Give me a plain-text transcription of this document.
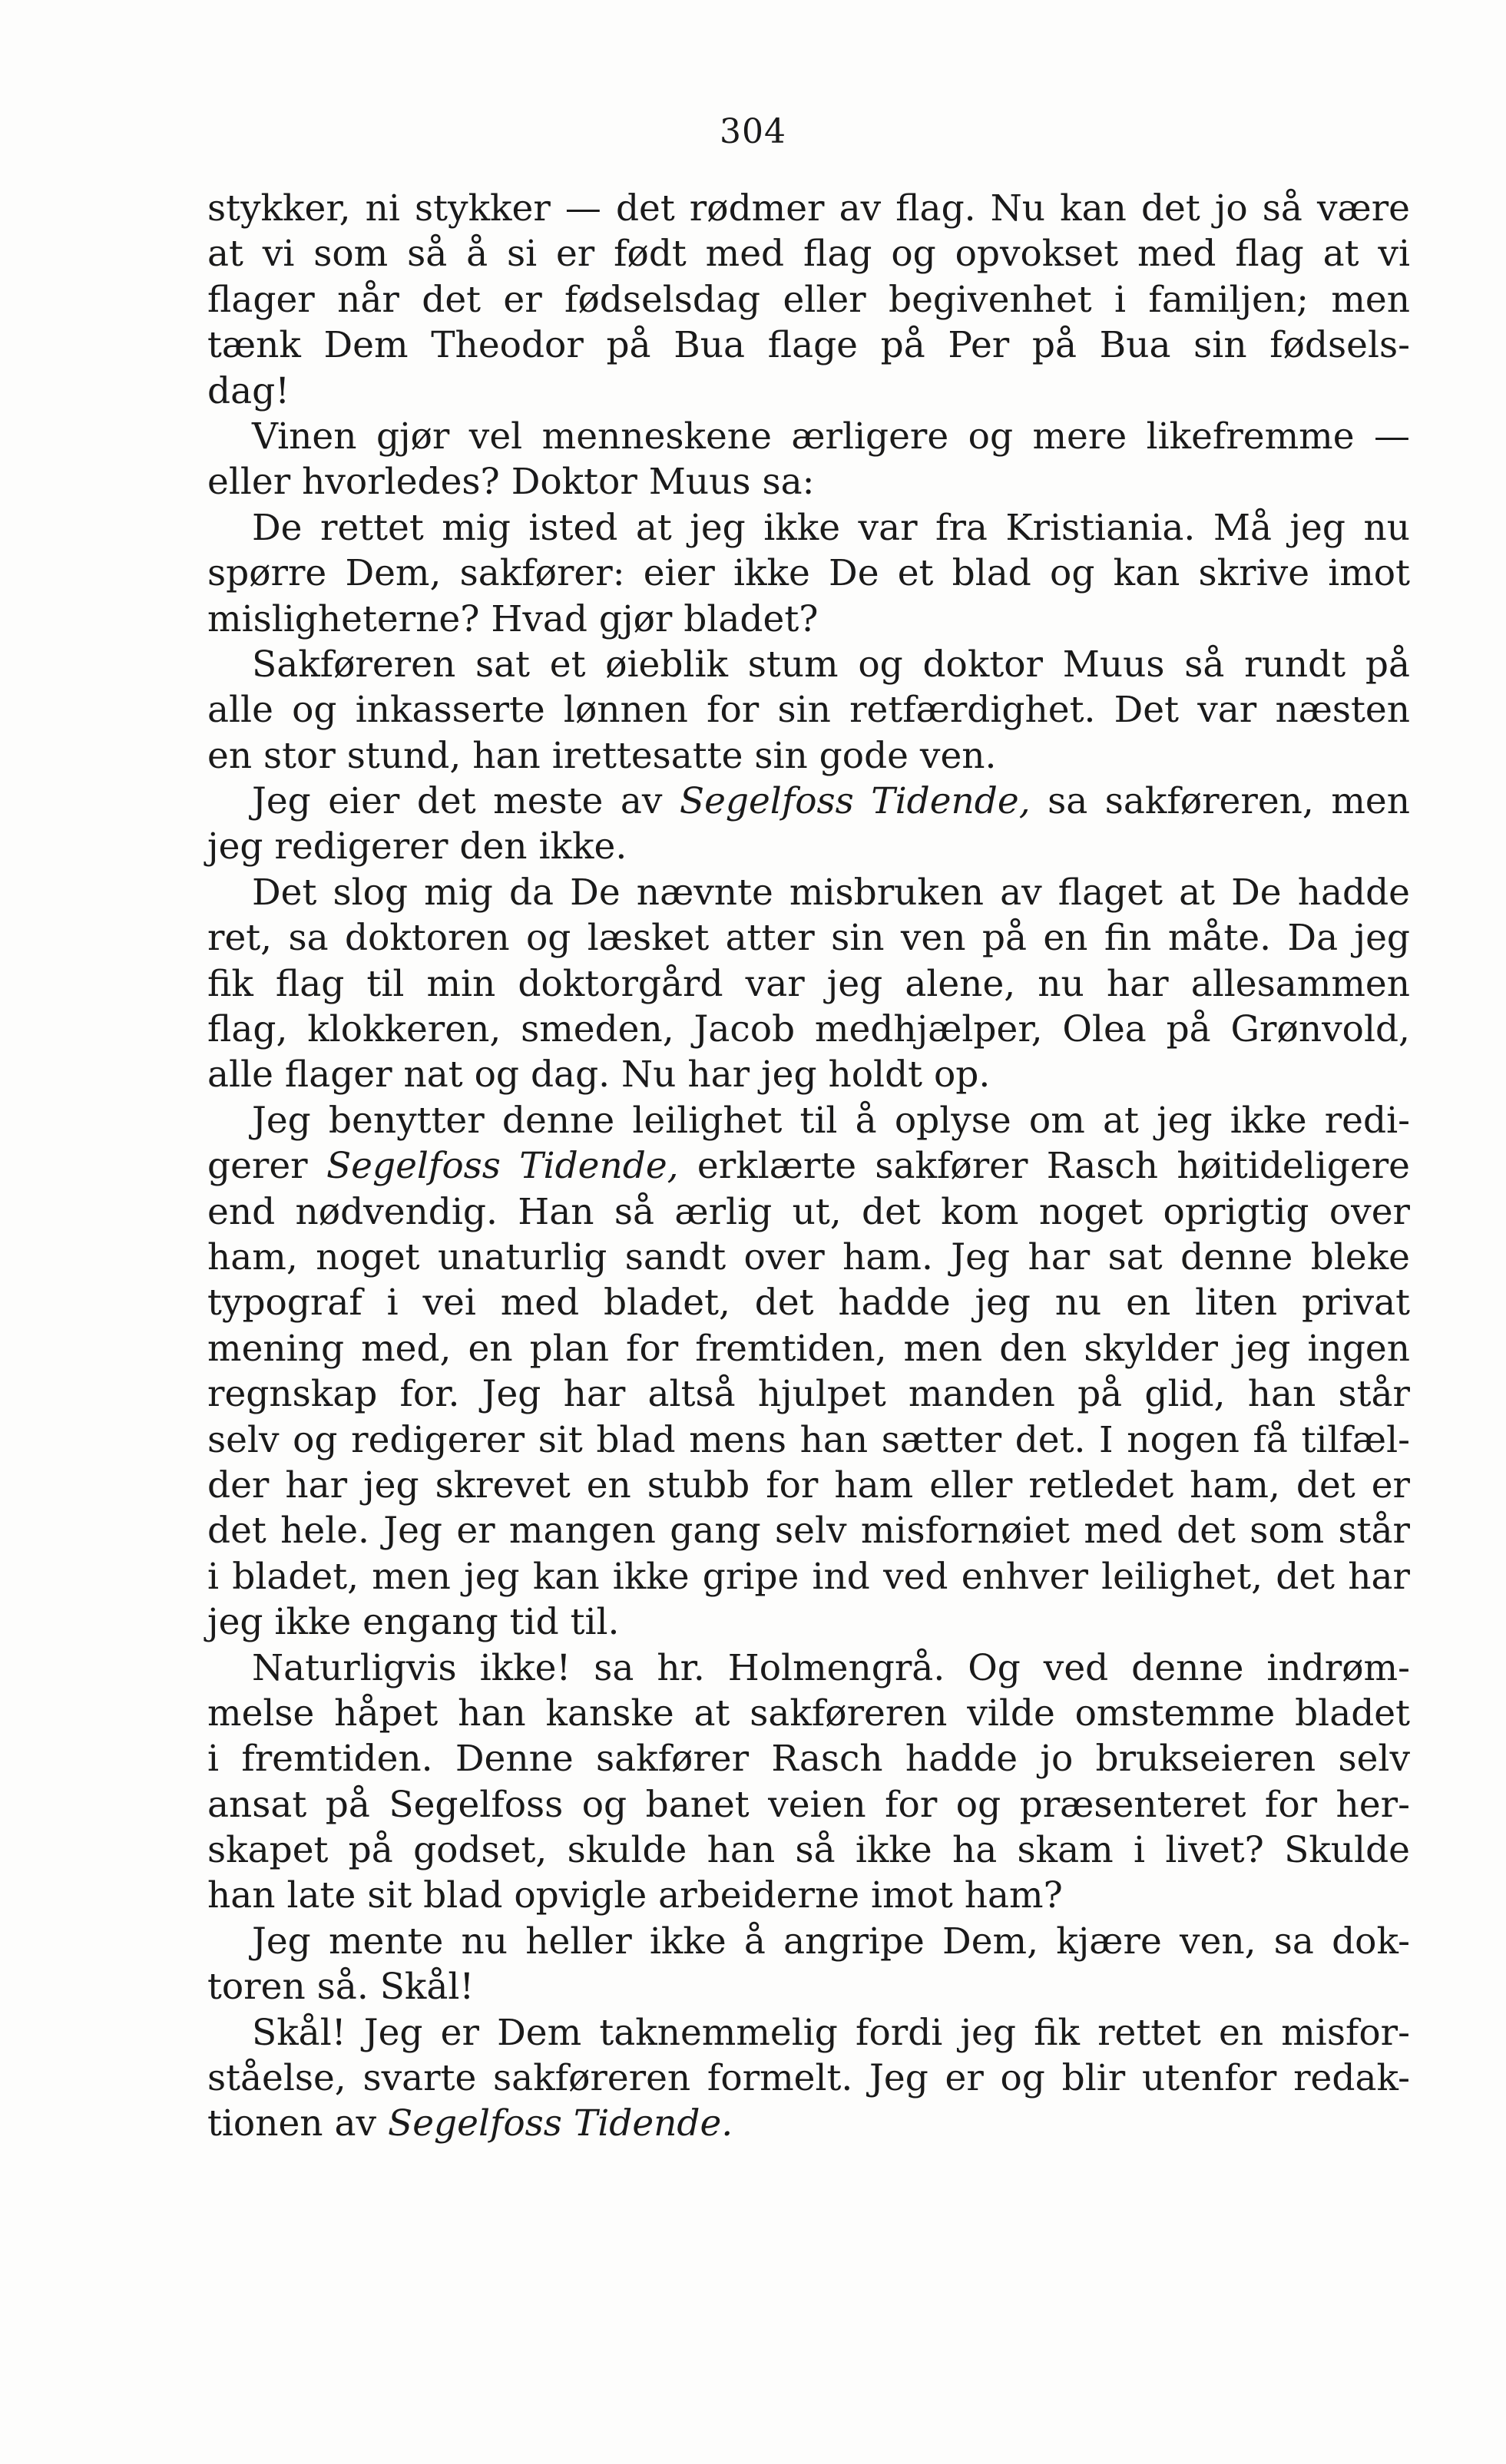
304
stykker, ni stykker — det rødmer av flag. Nu kan det jo så være
at vi som så å si er født med flag og opvokset med flag at vi
flager når det er fødselsdag eller begivenhet i familjen; men
tænk Dem Theodor på Bua flage på Per på Bua sin fødsels-
dag!
Vinen gjør vel menneskene ærligere og mere likefremme —
eller hvorledes? Doktor Muus sa:
De rettet mig isted at jeg ikke var fra Kristiania. Må jeg nu
spørre Dem, sakfører: eier ikke De et blad og kan skrive imot
misligheterne? Hvad gjør bladet?
Sakføreren sat et øieblik stum og doktor Muus så rundt på
alle og inkasserte lønnen for sin retfærdighet. Det var næsten
en stor stund, han irettesatte sin gode ven.
Jeg eier det meste av Segelfoss Tidende, sa sakføreren, men
jeg redigerer den ikke.
Det slog mig da De nævnte misbruken av flaget at De hadde
ret, sa doktoren og læsket atter sin ven på en fin måte. Da jeg
fik flag til min doktorgård var jeg alene, nu har allesammen
flag, klokkeren, smeden, Jacob medhjælper, Olea på Grønvold,
alle flager nat og dag. Nu har jeg holdt op.
Jeg benytter denne leilighet til å oplyse om at jeg ikke redi-
gerer Segelfoss Tidende, erklærte sakfører Rasch høitideligere
end nødvendig. Han så ærlig ut, det kom noget oprigtig over
ham, noget unaturlig sandt over ham. Jeg har sat denne bleke
typograf i vei med bladet, det hadde jeg nu en liten privat
mening med, en plan for fremtiden, men den skylder jeg ingen
regnskap for. Jeg har altså hjulpet manden på glid, han står
selv og redigerer sit blad mens han sætter det. I nogen få tilfæl-
der har jeg skrevet en stubb for ham eller retledet ham, det er
det hele. Jeg er mangen gang selv misfornøiet med det som står
i bladet, men jeg kan ikke gripe ind ved enhver leilighet, det har
jeg ikke engang tid til.
Naturligvis ikke! sa hr. Holmengrå. Og ved denne indrøm-
melse håpet han kanske at sakføreren vilde omstemme bladet
i fremtiden. Denne sakfører Rasch hadde jo brukseieren selv
ansat på Segelfoss og banet veien for og præsenteret for her-
skapet på godset, skulde han så ikke ha skam i livet? Skulde
han late sit blad opvigle arbeiderne imot ham?
Jeg mente nu heller ikke å angripe Dem, kjære ven, sa dok-
toren så. Skål!
Skål! Jeg er Dem taknemmelig fordi jeg fik rettet en misfor-
ståelse, svarte sakføreren formelt. Jeg er og blir utenfor redak-
tionen av Segelfoss Tidende.
